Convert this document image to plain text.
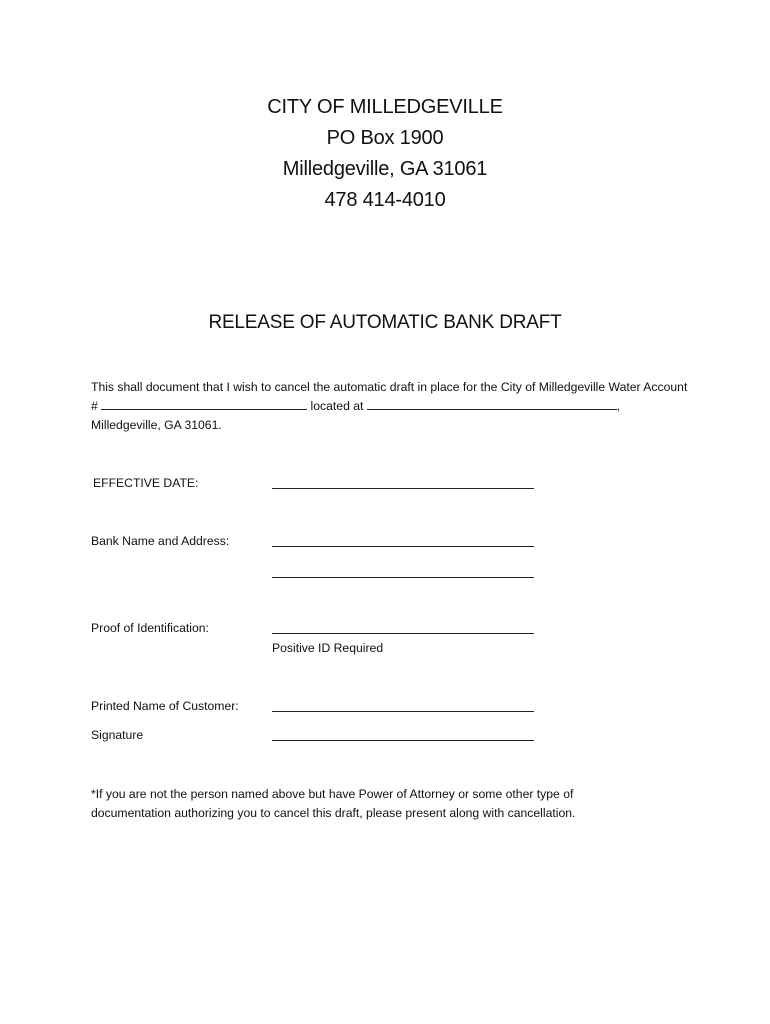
CITY OF MILLEDGEVILLE
PO Box 1900
Milledgeville, GA 31061
478 414-4010
RELEASE OF AUTOMATIC BANK DRAFT
This shall document that I wish to cancel the automatic draft in place for the City of Milledgeville Water Account #	located at	, Milledgeville, GA 31061.
EFFECTIVE DATE:
Bank Name and Address:
Proof of Identification:
Positive ID Required
Printed Name of Customer:
Signature
*If you are not the person named above but have Power of Attorney or some other type of documentation authorizing you to cancel this draft, please present along with cancellation.
